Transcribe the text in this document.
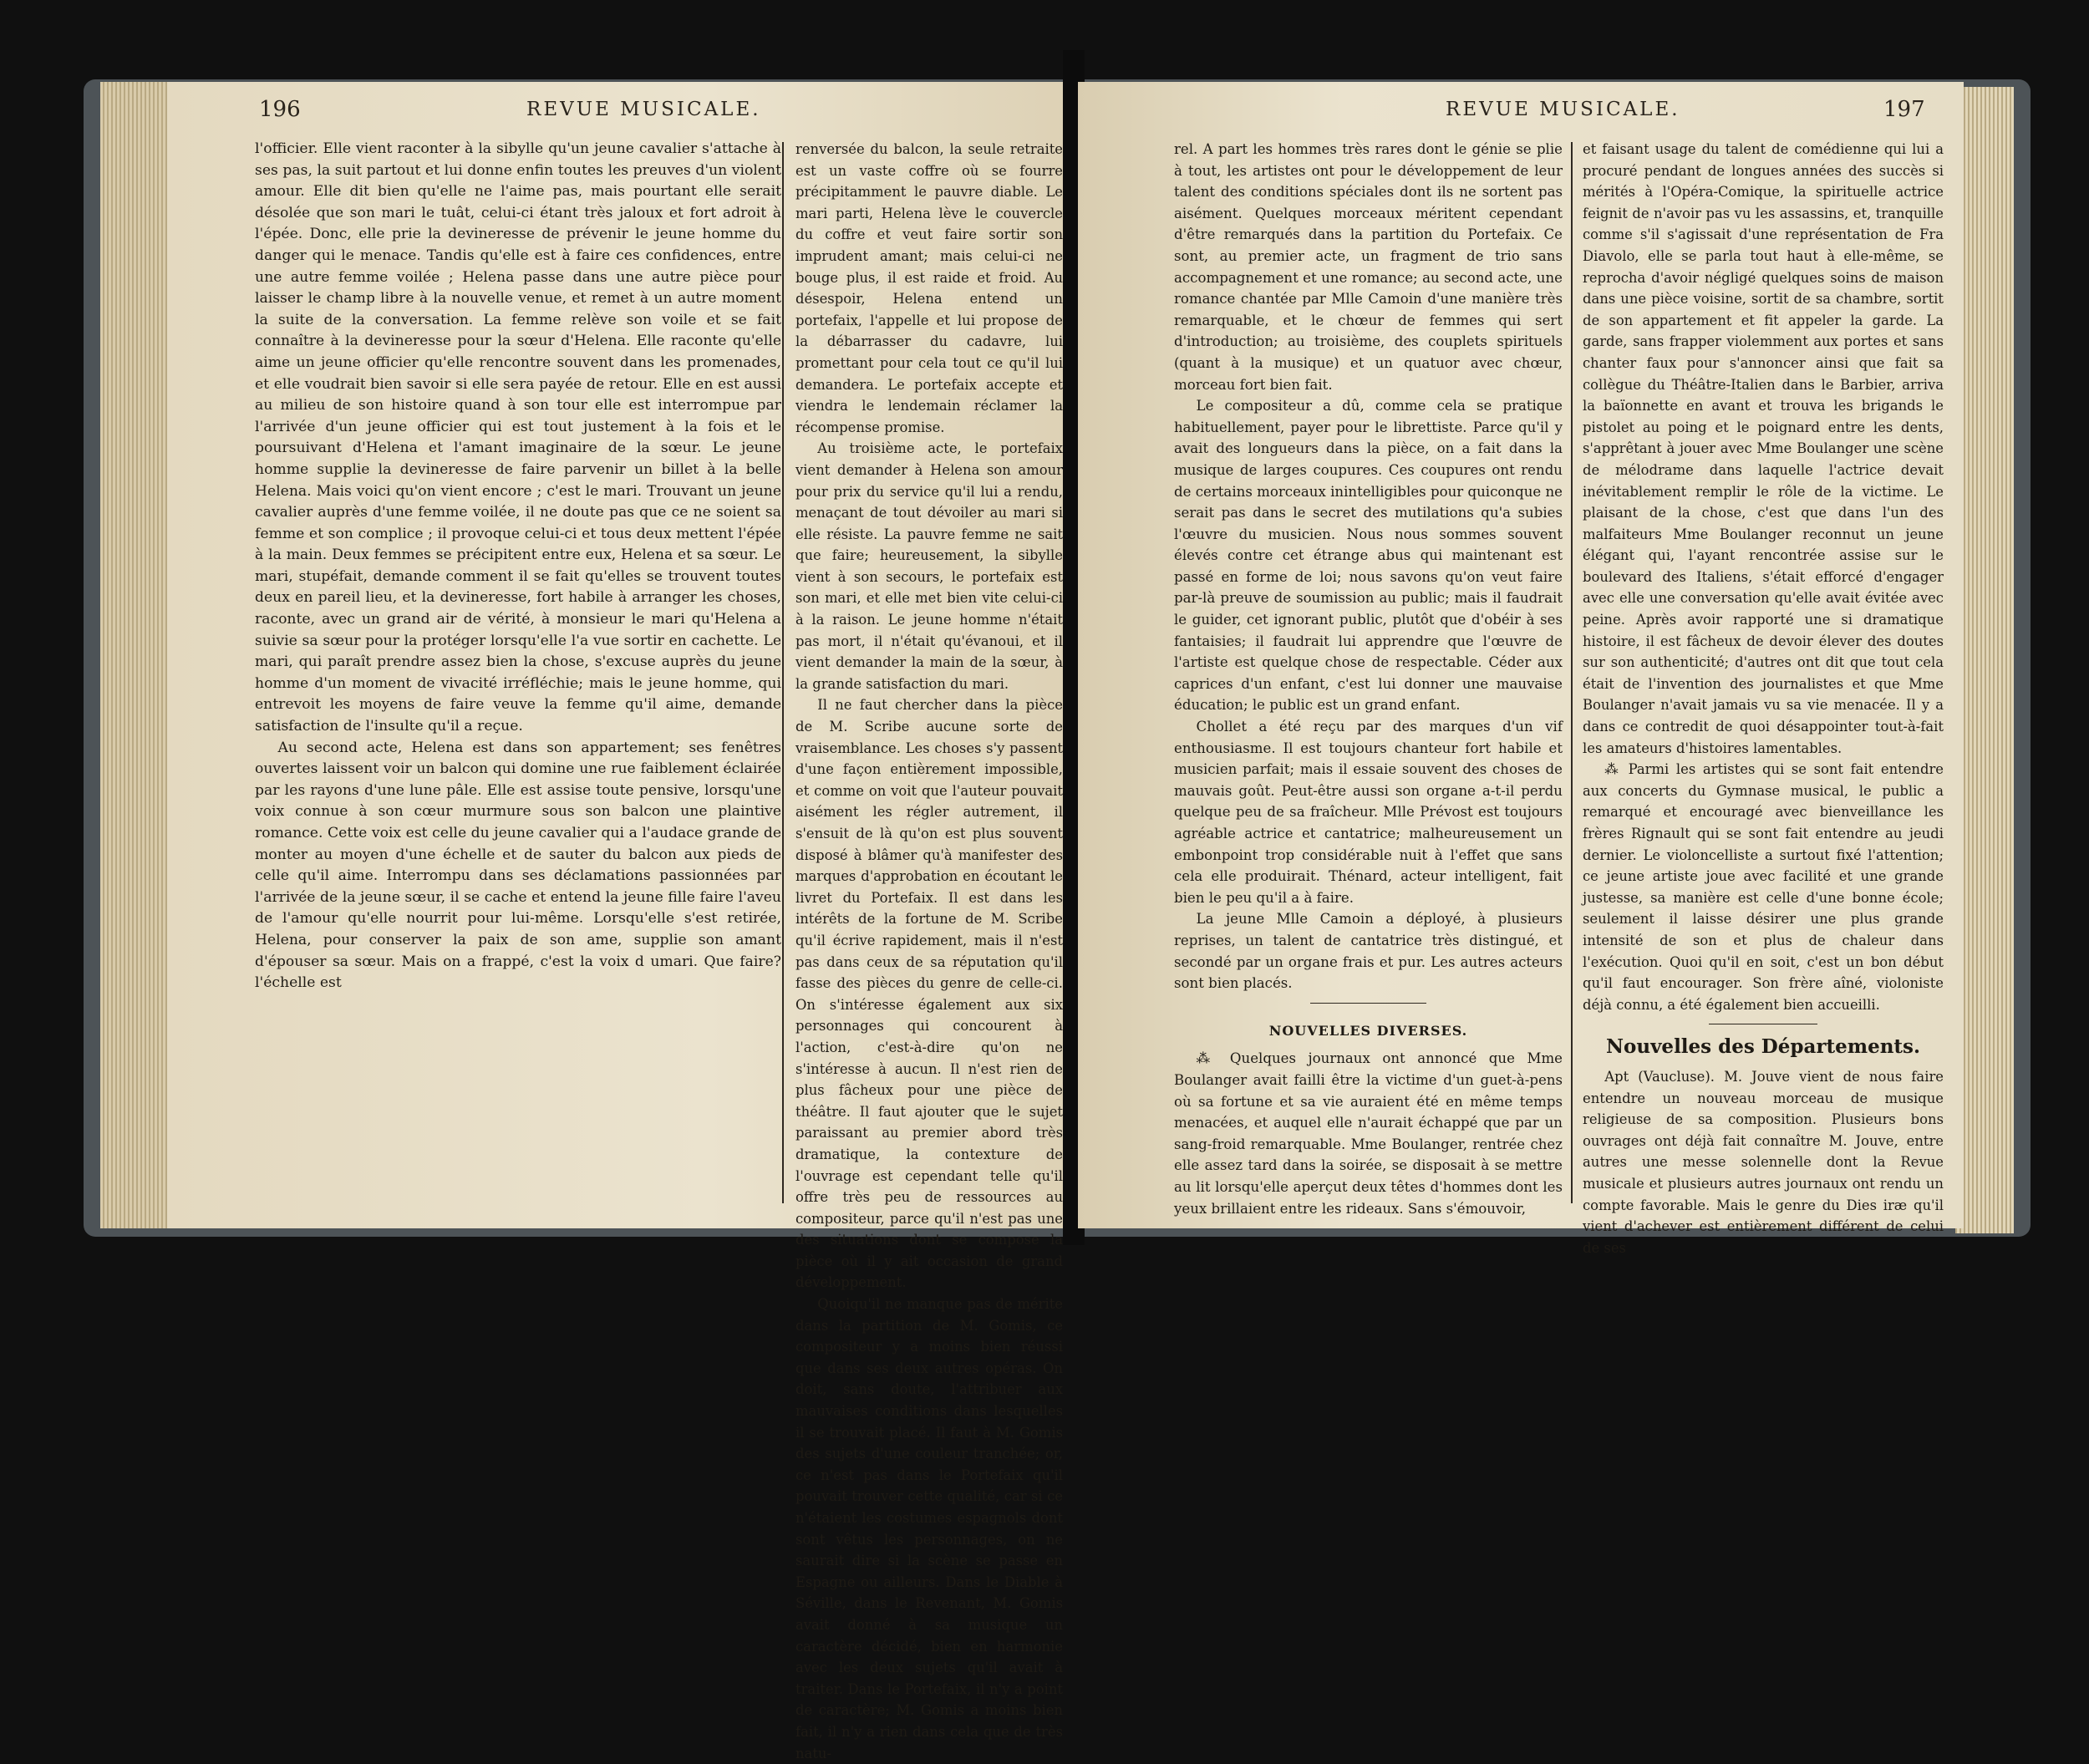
196	REVUE MUSICALE.

l'officier. Elle vient raconter à la sibylle qu'un jeune cavalier s'attache à ses pas, la suit partout et lui donne enfin toutes les preuves d'un violent amour. Elle dit bien qu'elle ne l'aime pas, mais pourtant elle serait désolée que son mari le tuât, celui-ci étant très jaloux et fort adroit à l'épée. Donc, elle prie la devineresse de prévenir le jeune homme du danger qui le menace. Tandis qu'elle est à faire ces confidences, entre une autre femme voilée ; Helena passe dans une autre pièce pour laisser le champ libre à la nouvelle venue, et remet à un autre moment la suite de la conversation. La femme relève son voile et se fait connaître à la devineresse pour la sœur d'Helena. Elle raconte qu'elle aime un jeune officier qu'elle rencontre souvent dans les promenades, et elle voudrait bien savoir si elle sera payée de retour. Elle en est aussi au milieu de son histoire quand à son tour elle est interrompue par l'arrivée d'un jeune officier qui est tout justement à la fois et le poursuivant d'Helena et l'amant imaginaire de la sœur. Le jeune homme supplie la devineresse de faire parvenir un billet à la belle Helena. Mais voici qu'on vient encore ; c'est le mari. Trouvant un jeune cavalier auprès d'une femme voilée, il ne doute pas que ce ne soient sa femme et son complice ; il provoque celui-ci et tous deux mettent l'épée à la main. Deux femmes se précipitent entre eux, Helena et sa sœur. Le mari, stupéfait, demande comment il se fait qu'elles se trouvent toutes deux en pareil lieu, et la devineresse, fort habile à arranger les choses, raconte, avec un grand air de vérité, à monsieur le mari qu'Helena a suivie sa sœur pour la protéger lorsqu'elle l'a vue sortir en cachette. Le mari, qui paraît prendre assez bien la chose, s'excuse auprès du jeune homme d'un moment de vivacité irréfléchie; mais le jeune homme, qui entrevoit les moyens de faire veuve la femme qu'il aime, demande satisfaction de l'insulte qu'il a reçue.

Au second acte, Helena est dans son appartement; ses fenêtres ouvertes laissent voir un balcon qui domine une rue faiblement éclairée par les rayons d'une lune pâle. Elle est assise toute pensive, lorsqu'une voix connue à son cœur murmure sous son balcon une plaintive romance. Cette voix est celle du jeune cavalier qui a l'audace grande de monter au moyen d'une échelle et de sauter du balcon aux pieds de celle qu'il aime. Interrompu dans ses déclamations passionnées par l'arrivée de la jeune sœur, il se cache et entend la jeune fille faire l'aveu de l'amour qu'elle nourrit pour lui-même. Lorsqu'elle s'est retirée, Helena, pour conserver la paix de son ame, supplie son amant d'épouser sa sœur. Mais on a frappé, c'est la voix d umari. Que faire? l'échelle est

renversée du balcon, la seule retraite est un vaste coffre où se fourre précipitamment le pauvre diable. Le mari parti, Helena lève le couvercle du coffre et veut faire sortir son imprudent amant; mais celui-ci ne bouge plus, il est raide et froid. Au désespoir, Helena entend un portefaix, l'appelle et lui propose de la débarrasser du cadavre, lui promettant pour cela tout ce qu'il lui demandera. Le portefaix accepte et viendra le lendemain réclamer la récompense promise.

Au troisième acte, le portefaix vient demander à Helena son amour pour prix du service qu'il lui a rendu, menaçant de tout dévoiler au mari si elle résiste. La pauvre femme ne sait que faire; heureusement, la sibylle vient à son secours, le portefaix est son mari, et elle met bien vite celui-ci à la raison. Le jeune homme n'était pas mort, il n'était qu'évanoui, et il vient demander la main de la sœur, à la grande satisfaction du mari.

Il ne faut chercher dans la pièce de M. Scribe aucune sorte de vraisemblance. Les choses s'y passent d'une façon entièrement impossible, et comme on voit que l'auteur pouvait aisément les régler autrement, il s'ensuit de là qu'on est plus souvent disposé à blâmer qu'à manifester des marques d'approbation en écoutant le livret du Portefaix. Il est dans les intérêts de la fortune de M. Scribe qu'il écrive rapidement, mais il n'est pas dans ceux de sa réputation qu'il fasse des pièces du genre de celle-ci. On s'intéresse également aux six personnages qui concourent à l'action, c'est-à-dire qu'on ne s'intéresse à aucun. Il n'est rien de plus fâcheux pour une pièce de théâtre. Il faut ajouter que le sujet paraissant au premier abord très dramatique, la contexture de l'ouvrage est cependant telle qu'il offre très peu de ressources au compositeur, parce qu'il n'est pas une des situations dont se compose la pièce où il y ait occasion de grand développement.

Quoiqu'il ne manque pas de mérite dans la partition de M. Gomis, ce compositeur y a moins bien réussi que dans ses deux autres opéras. On doit, sans doute, l'attribuer aux mauvaises conditions dans lesquelles il se trouvait placé. Il faut à M. Gomis des sujets d'une couleur tranchée; or, ce n'est pas dans le Portefaix qu'il pouvait trouver cette qualité, car si ce n'étaient les costumes espagnols dont sont vêtus les personnages, on ne saurait dire si la scène se passe en Espagne ou ailleurs. Dans le Diable à Séville, dans le Revenant, M. Gomis avait donné à sa musique un caractère décidé, bien en harmonie avec les deux sujets qu'il avait à traiter. Dans le Portefaix, il n'y a point de caractère; M. Gomis a moins bien fait, il n'y a rien dans cela que de très natu-

REVUE MUSICALE.	197

rel. A part les hommes très rares dont le génie se plie à tout, les artistes ont pour le développement de leur talent des conditions spéciales dont ils ne sortent pas aisément. Quelques morceaux méritent cependant d'être remarqués dans la partition du Portefaix. Ce sont, au premier acte, un fragment de trio sans accompagnement et une romance; au second acte, une romance chantée par Mlle Camoin d'une manière très remarquable, et le chœur de femmes qui sert d'introduction; au troisième, des couplets spirituels (quant à la musique) et un quatuor avec chœur, morceau fort bien fait.

Le compositeur a dû, comme cela se pratique habituellement, payer pour le librettiste. Parce qu'il y avait des longueurs dans la pièce, on a fait dans la musique de larges coupures. Ces coupures ont rendu de certains morceaux inintelligibles pour quiconque ne serait pas dans le secret des mutilations qu'a subies l'œuvre du musicien. Nous nous sommes souvent élevés contre cet étrange abus qui maintenant est passé en forme de loi; nous savons qu'on veut faire par-là preuve de soumission au public; mais il faudrait le guider, cet ignorant public, plutôt que d'obéir à ses fantaisies; il faudrait lui apprendre que l'œuvre de l'artiste est quelque chose de respectable. Céder aux caprices d'un enfant, c'est lui donner une mauvaise éducation; le public est un grand enfant.

Chollet a été reçu par des marques d'un vif enthousiasme. Il est toujours chanteur fort habile et musicien parfait; mais il essaie souvent des choses de mauvais goût. Peut-être aussi son organe a-t-il perdu quelque peu de sa fraîcheur. Mlle Prévost est toujours agréable actrice et cantatrice; malheureusement un embonpoint trop considérable nuit à l'effet que sans cela elle produirait. Thénard, acteur intelligent, fait bien le peu qu'il a à faire.

La jeune Mlle Camoin a déployé, à plusieurs reprises, un talent de cantatrice très distingué, et secondé par un organe frais et pur. Les autres acteurs sont bien placés.

NOUVELLES DIVERSES.

⁂ Quelques journaux ont annoncé que Mme Boulanger avait failli être la victime d'un guet-à-pens où sa fortune et sa vie auraient été en même temps menacées, et auquel elle n'aurait échappé que par un sang-froid remarquable. Mme Boulanger, rentrée chez elle assez tard dans la soirée, se disposait à se mettre au lit lorsqu'elle aperçut deux têtes d'hommes dont les yeux brillaient entre les rideaux. Sans s'émouvoir,

et faisant usage du talent de comédienne qui lui a procuré pendant de longues années des succès si mérités à l'Opéra-Comique, la spirituelle actrice feignit de n'avoir pas vu les assassins, et, tranquille comme s'il s'agissait d'une représentation de Fra Diavolo, elle se parla tout haut à elle-même, se reprocha d'avoir négligé quelques soins de maison dans une pièce voisine, sortit de sa chambre, sortit de son appartement et fit appeler la garde. La garde, sans frapper violemment aux portes et sans chanter faux pour s'annoncer ainsi que fait sa collègue du Théâtre-Italien dans le Barbier, arriva la baïonnette en avant et trouva les brigands le pistolet au poing et le poignard entre les dents, s'apprêtant à jouer avec Mme Boulanger une scène de mélodrame dans laquelle l'actrice devait inévitablement remplir le rôle de la victime. Le plaisant de la chose, c'est que dans l'un des malfaiteurs Mme Boulanger reconnut un jeune élégant qui, l'ayant rencontrée assise sur le boulevard des Italiens, s'était efforcé d'engager avec elle une conversation qu'elle avait évitée avec peine. Après avoir rapporté une si dramatique histoire, il est fâcheux de devoir élever des doutes sur son authenticité; d'autres ont dit que tout cela était de l'invention des journalistes et que Mme Boulanger n'avait jamais vu sa vie menacée. Il y a dans ce contredit de quoi désappointer tout-à-fait les amateurs d'histoires lamentables.

⁂ Parmi les artistes qui se sont fait entendre aux concerts du Gymnase musical, le public a remarqué et encouragé avec bienveillance les frères Rignault qui se sont fait entendre au jeudi dernier. Le violoncelliste a surtout fixé l'attention; ce jeune artiste joue avec facilité et une grande justesse, sa manière est celle d'une bonne école; seulement il laisse désirer une plus grande intensité de son et plus de chaleur dans l'exécution. Quoi qu'il en soit, c'est un bon début qu'il faut encourager. Son frère aîné, violoniste déjà connu, a été également bien accueilli.

Nouvelles des Départements.

Apt (Vaucluse). M. Jouve vient de nous faire entendre un nouveau morceau de musique religieuse de sa composition. Plusieurs bons ouvrages ont déjà fait connaître M. Jouve, entre autres une messe solennelle dont la Revue musicale et plusieurs autres journaux ont rendu un compte favorable. Mais le genre du Dies iræ qu'il vient d'achever est entièrement différent de celui de ses
